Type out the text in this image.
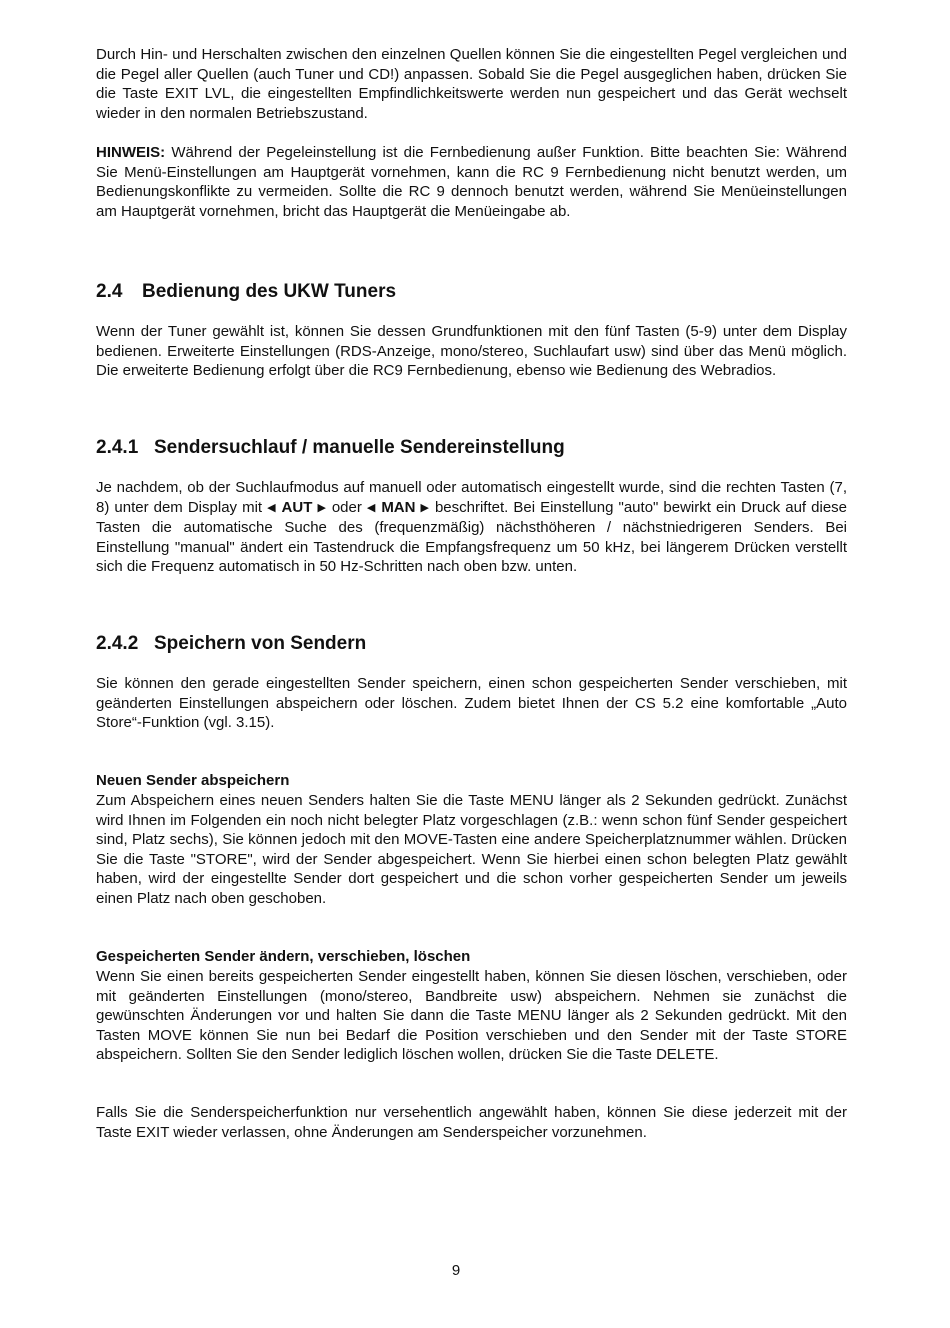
Durch Hin- und Herschalten zwischen den einzelnen Quellen können Sie die eingestellten Pegel vergleichen und die Pegel aller Quellen (auch Tuner und CD!) anpassen. Sobald Sie die Pegel ausgeglichen haben, drücken Sie die Taste EXIT LVL, die eingestellten Empfindlichkeitswerte werden nun gespeichert und das Gerät wechselt wieder in den normalen Betriebszustand.

HINWEIS: Während der Pegeleinstellung ist die Fernbedienung außer Funktion. Bitte beachten Sie: Während Sie Menü-Einstellungen am Hauptgerät vornehmen, kann die RC 9 Fernbedienung nicht benutzt werden, um Bedienungskonflikte zu vermeiden. Sollte die RC 9 dennoch benutzt werden, während Sie Menüeinstellungen am Hauptgerät vornehmen, bricht das Hauptgerät die Menüeingabe ab.

2.4 Bedienung des UKW Tuners

Wenn der Tuner gewählt ist, können Sie dessen Grundfunktionen mit den fünf Tasten (5-9) unter dem Display bedienen. Erweiterte Einstellungen (RDS-Anzeige, mono/stereo, Suchlaufart usw) sind über das Menü möglich. Die erweiterte Bedienung erfolgt über die RC9 Fernbedienung, ebenso wie Bedienung des Webradios.

2.4.1 Sendersuchlauf / manuelle Sendereinstellung

Je nachdem, ob der Suchlaufmodus auf manuell oder automatisch eingestellt wurde, sind die rechten Tasten (7, 8) unter dem Display mit ◀ AUT ▶ oder ◀ MAN ▶ beschriftet. Bei Einstellung "auto" bewirkt ein Druck auf diese Tasten die automatische Suche des (frequenzmäßig) nächsthöheren / nächstniedrigeren Senders. Bei Einstellung "manual" ändert ein Tastendruck die Empfangsfrequenz um 50 kHz, bei längerem Drücken verstellt sich die Frequenz automatisch in 50 Hz-Schritten nach oben bzw. unten.

2.4.2 Speichern von Sendern

Sie können den gerade eingestellten Sender speichern, einen schon gespeicherten Sender verschieben, mit geänderten Einstellungen abspeichern oder löschen. Zudem bietet Ihnen der CS 5.2 eine komfortable „Auto Store“-Funktion (vgl. 3.15).

Neuen Sender abspeichern

Zum Abspeichern eines neuen Senders halten Sie die Taste MENU länger als 2 Sekunden gedrückt. Zunächst wird Ihnen im Folgenden ein noch nicht belegter Platz vorgeschlagen (z.B.: wenn schon fünf Sender gespeichert sind, Platz sechs), Sie können jedoch mit den MOVE-Tasten eine andere Speicherplatznummer wählen. Drücken Sie die Taste "STORE", wird der Sender abgespeichert. Wenn Sie hierbei einen schon belegten Platz gewählt haben, wird der eingestellte Sender dort gespeichert und die schon vorher gespeicherten Sender um jeweils einen Platz nach oben geschoben.

Gespeicherten Sender ändern, verschieben, löschen

Wenn Sie einen bereits gespeicherten Sender eingestellt haben, können Sie diesen löschen, verschieben, oder mit geänderten Einstellungen (mono/stereo, Bandbreite usw) abspeichern. Nehmen sie zunächst die gewünschten Änderungen vor und halten Sie dann die Taste MENU länger als 2 Sekunden gedrückt. Mit den Tasten MOVE können Sie nun bei Bedarf die Position verschieben und den Sender mit der Taste STORE abspeichern. Sollten Sie den Sender lediglich löschen wollen, drücken Sie die Taste DELETE.

Falls Sie die Senderspeicherfunktion nur versehentlich angewählt haben, können Sie diese jederzeit mit der Taste EXIT wieder verlassen, ohne Änderungen am Senderspeicher vorzunehmen.

9
